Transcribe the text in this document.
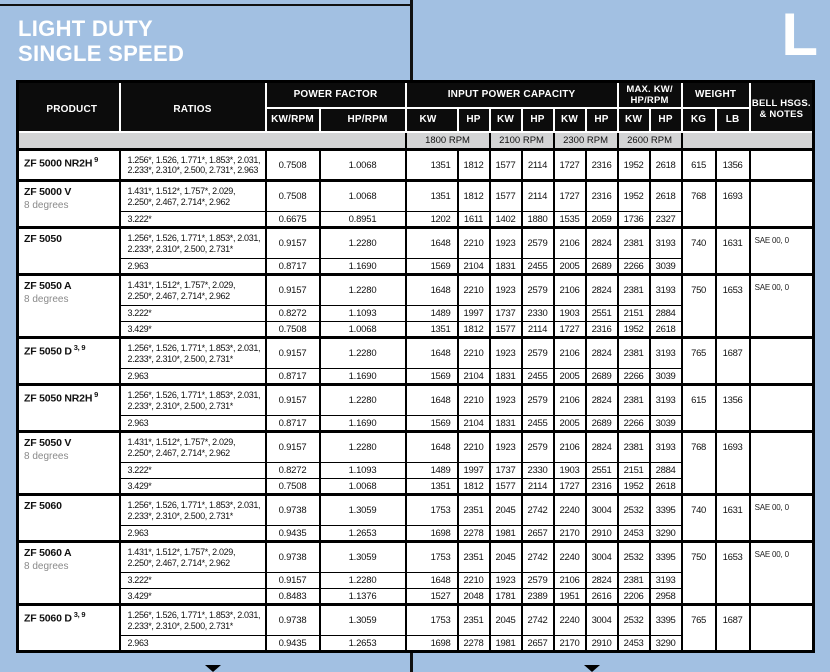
LIGHT DUTY
SINGLE SPEED	L
PRODUCT	RATIOS	POWER FACTOR	INPUT POWER CAPACITY	MAX. KW/
HP/RPM	WEIGHT	
BELL HSGS.
& NOTES

		KW/RPM	HP/RPM	KW	HP	KW	HP	KW	HP	KW	HP	KG	LB	
				1800 RPM		2100 RPM		2300 RPM		2600 RPM				
ZF 5000 NR2H $^9$	1.256*, 1.526, 1.771*, 1.853*, 2.031,
2.233*, 2.310*, 2.500, 2.731*, 2.963	0.7508	1.0068	1351	1812	1577	2114	1727	2316	1952	2618	615	1356	
ZF 5000 V
8 degrees

1.431*, 1.512*, 1.757*, 2.029,
2.250*, 2.467, 2.714*, 2.962	0.7508	1.0068	1351	1812	1577	2114	1727	2316	1952	2618	768	1693	

	3.222*	0.6675	0.8951	1202	1611	1402	1880	1535	2059	1736	2327			
ZF 5050	1.256*, 1.526, 1.771*, 1.853*, 2.031,
2.233*, 2.310*, 2.500, 2.731*	0.9157	1.2280	1648	2210	1923	2579	2106	2824	2381	3193	740	1631	SAE 00, 0

	2.963	0.8717	1.1690	1569	2104	1831	2455	2005	2689	2266	3039			
ZF 5050 A
8 degrees

1.431*, 1.512*, 1.757*, 2.029,
2.250*, 2.467, 2.714*, 2.962	0.9157	1.2280	1648	2210	1923	2579	2106	2824	2381	3193	750	1653	SAE 00, 0

	3.222*	0.8272	1.1093	1489	1997	1737	2330	1903	2551	2151	2884			

	3.429*	0.7508	1.0068	1351	1812	1577	2114	1727	2316	1952	2618			
ZF 5050 D $^{3, 9}$	1.256*, 1.526, 1.771*, 1.853*, 2.031,
2.233*, 2.310*, 2.500, 2.731*	0.9157	1.2280	1648	2210	1923	2579	2106	2824	2381	3193	765	1687	

	2.963	0.8717	1.1690	1569	2104	1831	2455	2005	2689	2266	3039			
ZF 5050 NR2H $^9$	1.256*, 1.526, 1.771*, 1.853*, 2.031,
2.233*, 2.310*, 2.500, 2.731*	0.9157	1.2280	1648	2210	1923	2579	2106	2824	2381	3193	615	1356	

	2.963	0.8717	1.1690	1569	2104	1831	2455	2005	2689	2266	3039			
ZF 5050 V
8 degrees

1.431*, 1.512*, 1.757*, 2.029,
2.250*, 2.467, 2.714*, 2.962	0.9157	1.2280	1648	2210	1923	2579	2106	2824	2381	3193	768	1693	

	3.222*	0.8272	1.1093	1489	1997	1737	2330	1903	2551	2151	2884			

	3.429*	0.7508	1.0068	1351	1812	1577	2114	1727	2316	1952	2618			
ZF 5060	1.256*, 1.526, 1.771*, 1.853*, 2.031,
2.233*, 2.310*, 2.500, 2.731*	0.9738	1.3059	1753	2351	2045	2742	2240	3004	2532	3395	740	1631	SAE 00, 0

	2.963	0.9435	1.2653	1698	2278	1981	2657	2170	2910	2453	3290			
ZF 5060 A
8 degrees

1.431*, 1.512*, 1.757*, 2.029,
2.250*, 2.467, 2.714*, 2.962	0.9738	1.3059	1753	2351	2045	2742	2240	3004	2532	3395	750	1653	SAE 00, 0

	3.222*	0.9157	1.2280	1648	2210	1923	2579	2106	2824	2381	3193			

	3.429*	0.8483	1.1376	1527	2048	1781	2389	1951	2616	2206	2958			
ZF 5060 D $^{3, 9}$	1.256*, 1.526, 1.771*, 1.853*, 2.031,
2.233*, 2.310*, 2.500, 2.731*	0.9738	1.3059	1753	2351	2045	2742	2240	3004	2532	3395	765	1687	

	2.963	0.9435	1.2653	1698	2278	1981	2657	2170	2910	2453	3290			
